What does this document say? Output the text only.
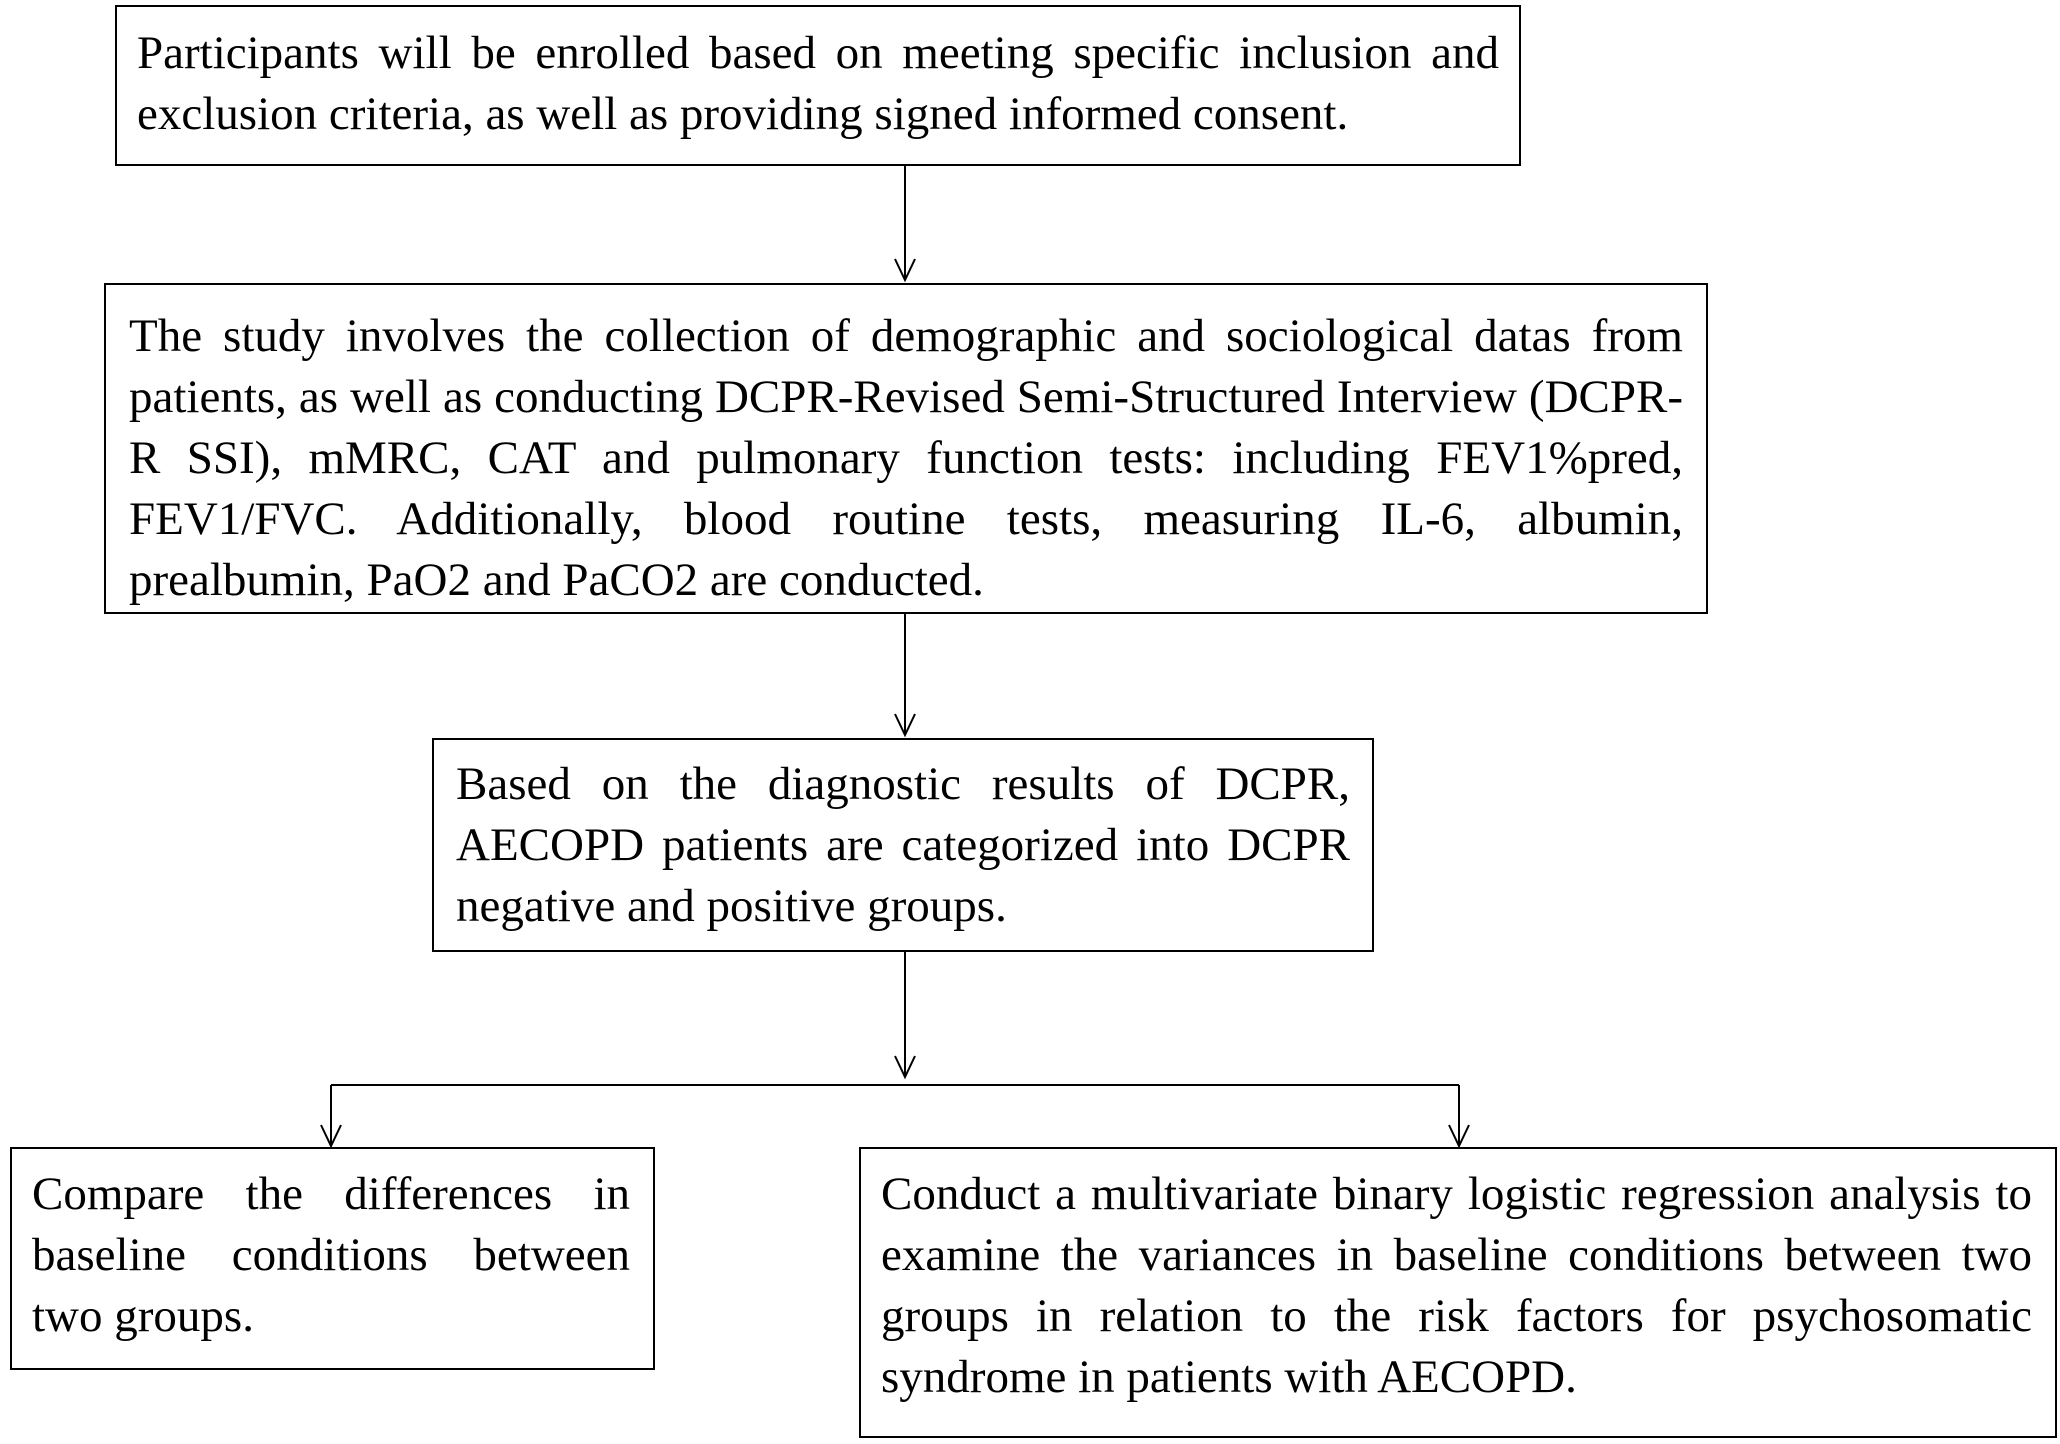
Participants will be enrolled based on meeting specific inclusion and exclusion criteria, as well as providing signed informed consent.
The study involves the collection of demographic and sociological datas from patients, as well as conducting DCPR-Revised Semi-Structured Interview (DCPR-R SSI), mMRC, CAT and pulmonary function tests: including FEV1%pred, FEV1/FVC. Additionally, blood routine tests, measuring IL-6, albumin, prealbumin, PaO2 and PaCO2 are conducted.
Based on the diagnostic results of DCPR, AECOPD patients are categorized into DCPR negative and positive groups.
Compare the differences in baseline conditions between two groups.
Conduct a multivariate binary logistic regression analysis to examine the variances in baseline conditions between two groups in relation to the risk factors for psychosomatic syndrome in patients with AECOPD.
